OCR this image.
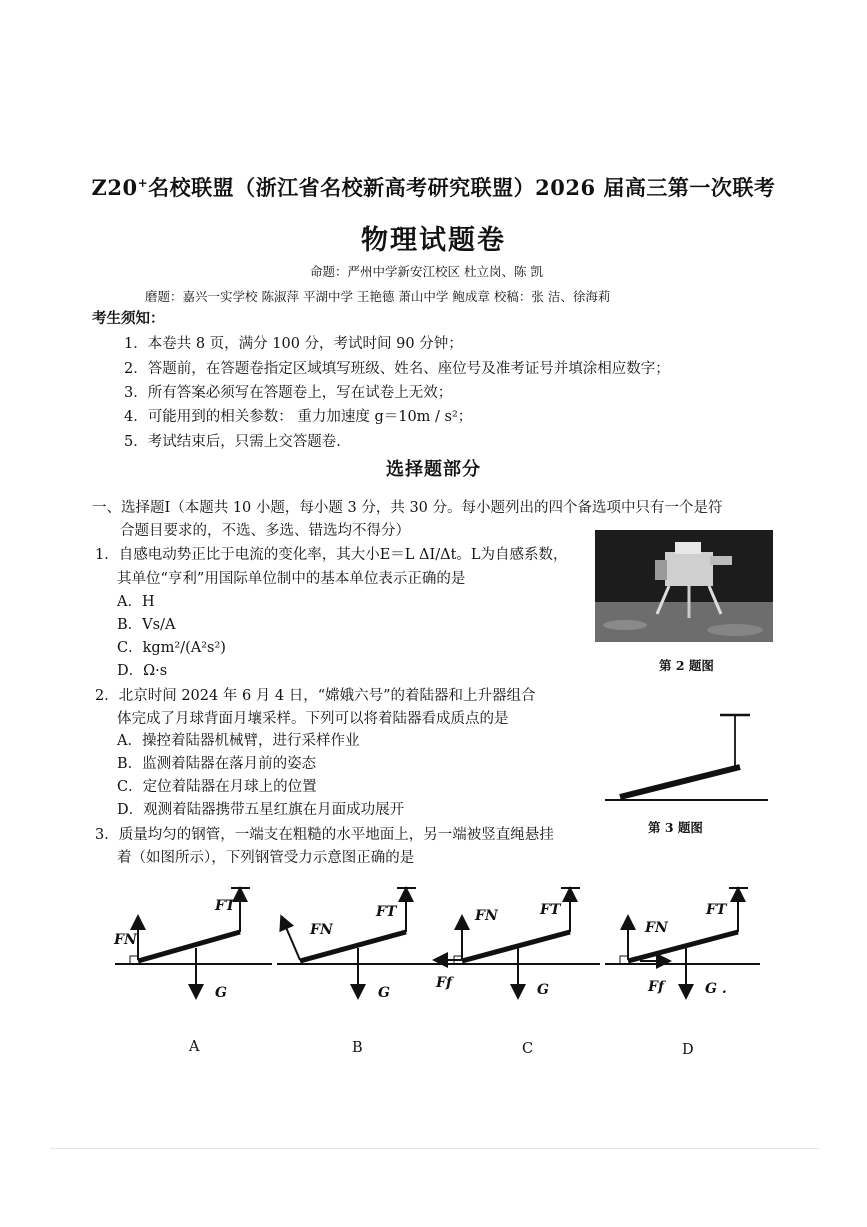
Z20+名校联盟（浙江省名校新高考研究联盟）2026 届高三第一次联考
物理试题卷
命题：严州中学新安江校区 杜立岗、陈 凯
磨题：嘉兴一实学校 陈淑萍 平湖中学 王艳德 萧山中学 鲍成章 校稿：张 洁、徐海莉
考生须知：
1．本卷共 8 页，满分 100 分，考试时间 90 分钟；
2．答题前，在答题卷指定区域填写班级、姓名、座位号及准考证号并填涂相应数字；
3．所有答案必须写在答题卷上，写在试卷上无效；
4．可能用到的相关参数： 重力加速度 g＝10m / s²；
5．考试结束后，只需上交答题卷.
选择题部分
一、选择题Ⅰ（本题共 10 小题，每小题 3 分，共 30 分。每小题列出的四个备选项中只有一个是符
合题目要求的，不选、多选、错选均不得分）
1．自感电动势正比于电流的变化率，其大小E＝L ΔI/Δt。L为自感系数，
其单位“亨利”用国际单位制中的基本单位表示正确的是
A．H
B．Vs/A
C．kgm²/(A²s²)
D．Ω·s	第 2 题图
2．北京时间 2024 年 6 月 4 日，“嫦娥六号”的着陆器和上升器组合
体完成了月球背面月壤采样。下列可以将着陆器看成质点的是
A．操控着陆器机械臂，进行采样作业
B．监测着陆器在落月前的姿态
C．定位着陆器在月球上的位置
D．观测着陆器携带五星红旗在月面成功展开
第 3 题图
3．质量均匀的钢管，一端支在粗糙的水平地面上，另一端被竖直绳悬挂
着（如图所示），下列钢管受力示意图正确的是
FT
FN
G
FT
FN
G
FT
FN
Ff	G
FT
FN
Ff	G .
A	B	C	D
